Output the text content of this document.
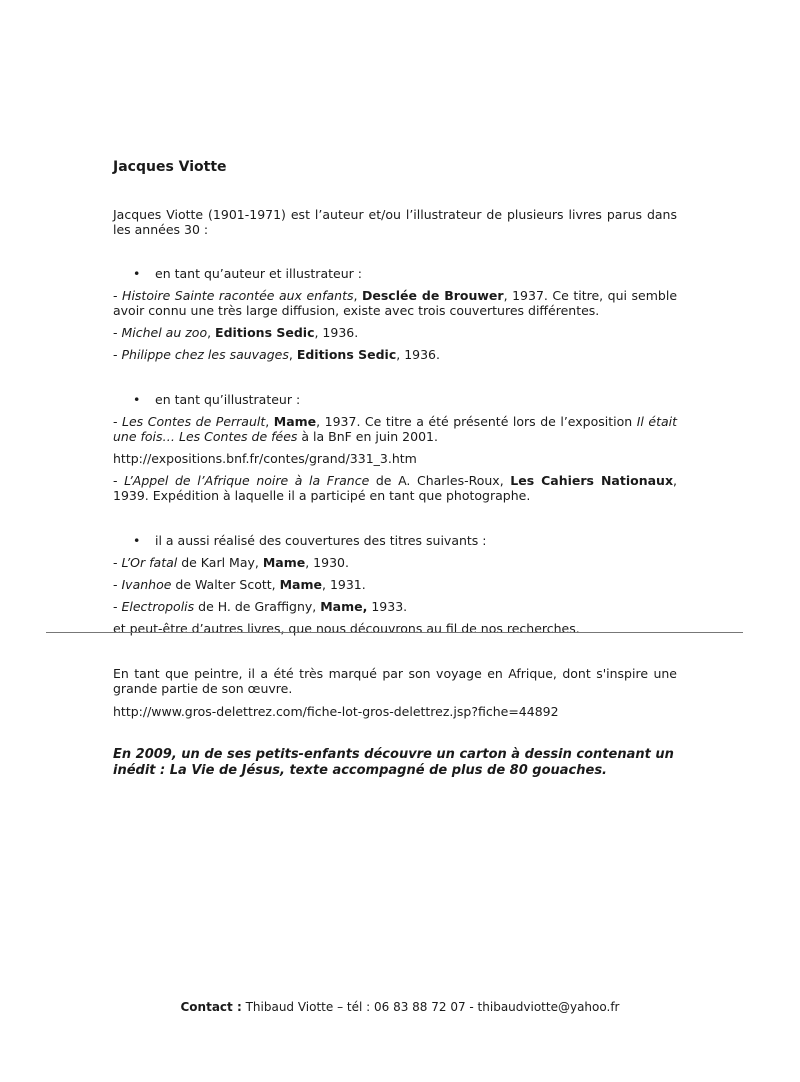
Jacques Viotte
Jacques Viotte (1901-1971) est l’auteur et/ou l’illustrateur de plusieurs livres parus dans les années 30 :
• en tant qu’auteur et illustrateur :
- Histoire Sainte racontée aux enfants, Desclée de Brouwer, 1937. Ce titre, qui semble avoir connu une très large diffusion, existe avec trois couvertures différentes.
- Michel au zoo, Editions Sedic, 1936.
- Philippe chez les sauvages, Editions Sedic, 1936.
• en tant qu’illustrateur :
- Les Contes de Perrault, Mame, 1937. Ce titre a été présenté lors de l’exposition Il était une fois… Les Contes de fées à la BnF en juin 2001.
http://expositions.bnf.fr/contes/grand/331_3.htm
- L’Appel de l’Afrique noire à la France de A. Charles-Roux, Les Cahiers Nationaux, 1939. Expédition à laquelle il a participé en tant que photographe.
• il a aussi réalisé des couvertures des titres suivants :
- L’Or fatal de Karl May, Mame, 1930.
- Ivanhoe de Walter Scott, Mame, 1931.
- Electropolis de H. de Graffigny, Mame, 1933.
et peut-être d’autres livres, que nous découvrons au fil de nos recherches.
En tant que peintre, il a été très marqué par son voyage en Afrique, dont s'inspire une grande partie de son œuvre.
http://www.gros-delettrez.com/fiche-lot-gros-delettrez.jsp?fiche=44892
En 2009, un de ses petits-enfants découvre un carton à dessin contenant un inédit : La Vie de Jésus, texte accompagné de plus de 80 gouaches.
Contact : Thibaud Viotte – tél : 06 83 88 72 07 - thibaudviotte@yahoo.fr
